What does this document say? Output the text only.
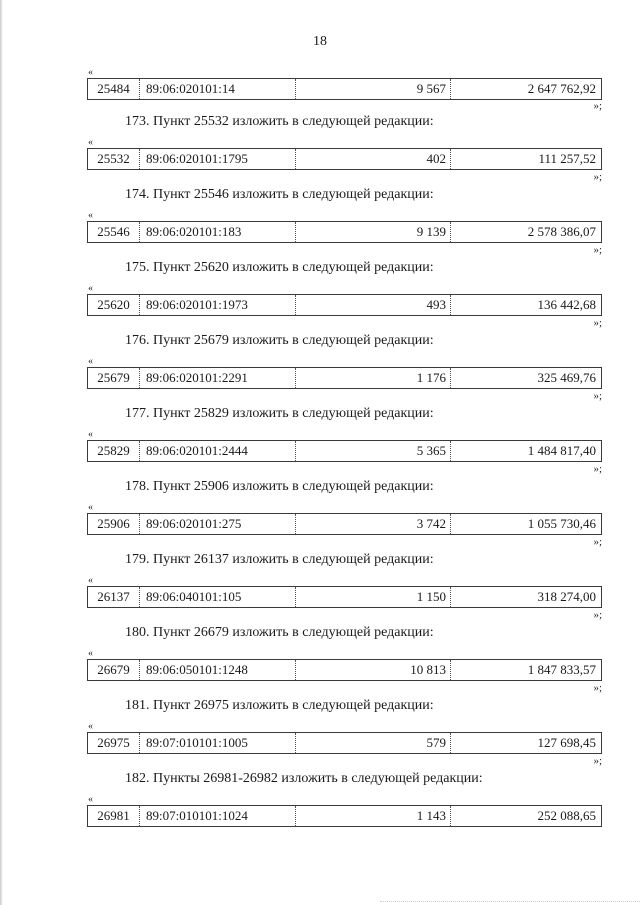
18
«
25484	89:06:020101:14	9 567	2 647 762,92
»;
173. Пункт 25532 изложить в следующей редакции:
«
25532	89:06:020101:1795	402	111 257,52
»;
174. Пункт 25546 изложить в следующей редакции:
«
25546	89:06:020101:183	9 139	2 578 386,07
»;
175. Пункт 25620 изложить в следующей редакции:
«
25620	89:06:020101:1973	493	136 442,68
»;
176. Пункт 25679 изложить в следующей редакции:
«
25679	89:06:020101:2291	1 176	325 469,76
»;
177. Пункт 25829 изложить в следующей редакции:
«
25829	89:06:020101:2444	5 365	1 484 817,40
»;
178. Пункт 25906 изложить в следующей редакции:
«
25906	89:06:020101:275	3 742	1 055 730,46
»;
179. Пункт 26137 изложить в следующей редакции:
«
26137	89:06:040101:105	1 150	318 274,00
»;
180. Пункт 26679 изложить в следующей редакции:
«
26679	89:06:050101:1248	10 813	1 847 833,57
»;
181. Пункт 26975 изложить в следующей редакции:
«
26975	89:07:010101:1005	579	127 698,45
»;
182. Пункты 26981-26982 изложить в следующей редакции:
«
26981	89:07:010101:1024	1 143	252 088,65
